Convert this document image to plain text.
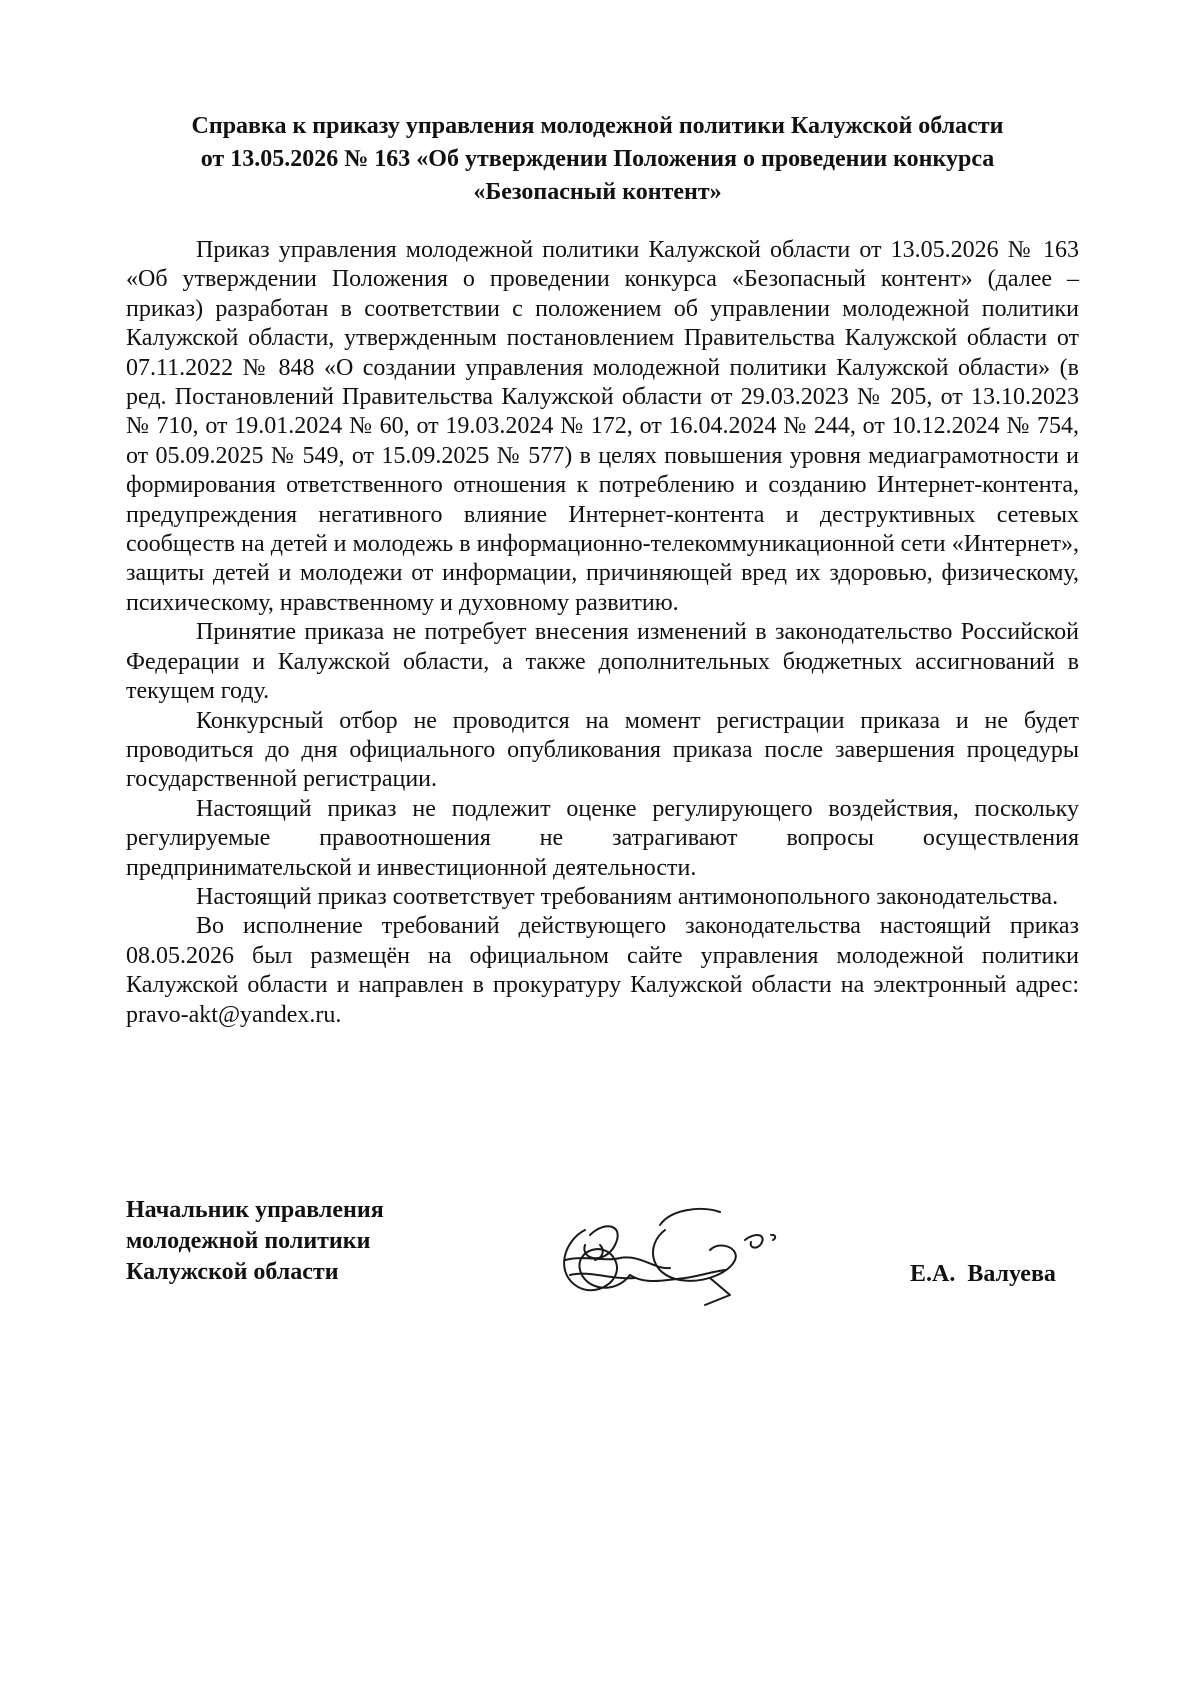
Справка к приказу управления молодежной политики Калужской области
от 13.05.2026 № 163 «Об утверждении Положения о проведении конкурса
«Безопасный контент»

Приказ управления молодежной политики Калужской области от 13.05.2026 № 163 «Об утверждении Положения о проведении конкурса «Безопасный контент» (далее – приказ) разработан в соответствии с положением об управлении молодежной политики Калужской области, утвержденным постановлением Правительства Калужской области от 07.11.2022 № 848 «О создании управления молодежной политики Калужской области» (в ред. Постановлений Правительства Калужской области от 29.03.2023 № 205, от 13.10.2023 № 710, от 19.01.2024 № 60, от 19.03.2024 № 172, от 16.04.2024 № 244, от 10.12.2024 № 754, от 05.09.2025 № 549, от 15.09.2025 № 577) в целях повышения уровня медиаграмотности и формирования ответственного отношения к потреблению и созданию Интернет-контента, предупреждения негативного влияние Интернет-контента и деструктивных сетевых сообществ на детей и молодежь в информационно-телекоммуникационной сети «Интернет», защиты детей и молодежи от информации, причиняющей вред их здоровью, физическому, психическому, нравственному и духовному развитию.

Принятие приказа не потребует внесения изменений в законодательство Российской Федерации и Калужской области, а также дополнительных бюджетных ассигнований в текущем году.

Конкурсный отбор не проводится на момент регистрации приказа и не будет проводиться до дня официального опубликования приказа после завершения процедуры государственной регистрации.

Настоящий приказ не подлежит оценке регулирующего воздействия, поскольку регулируемые правоотношения не затрагивают вопросы осуществления предпринимательской и инвестиционной деятельности.

Настоящий приказ соответствует требованиям антимонопольного законодательства.

Во исполнение требований действующего законодательства настоящий приказ 08.05.2026 был размещён на официальном сайте управления молодежной политики Калужской области и направлен в прокуратуру Калужской области на электронный адрес: pravo-akt@yandex.ru.

Начальник управления
молодежной политики
Калужской области	Е.А. Валуева
